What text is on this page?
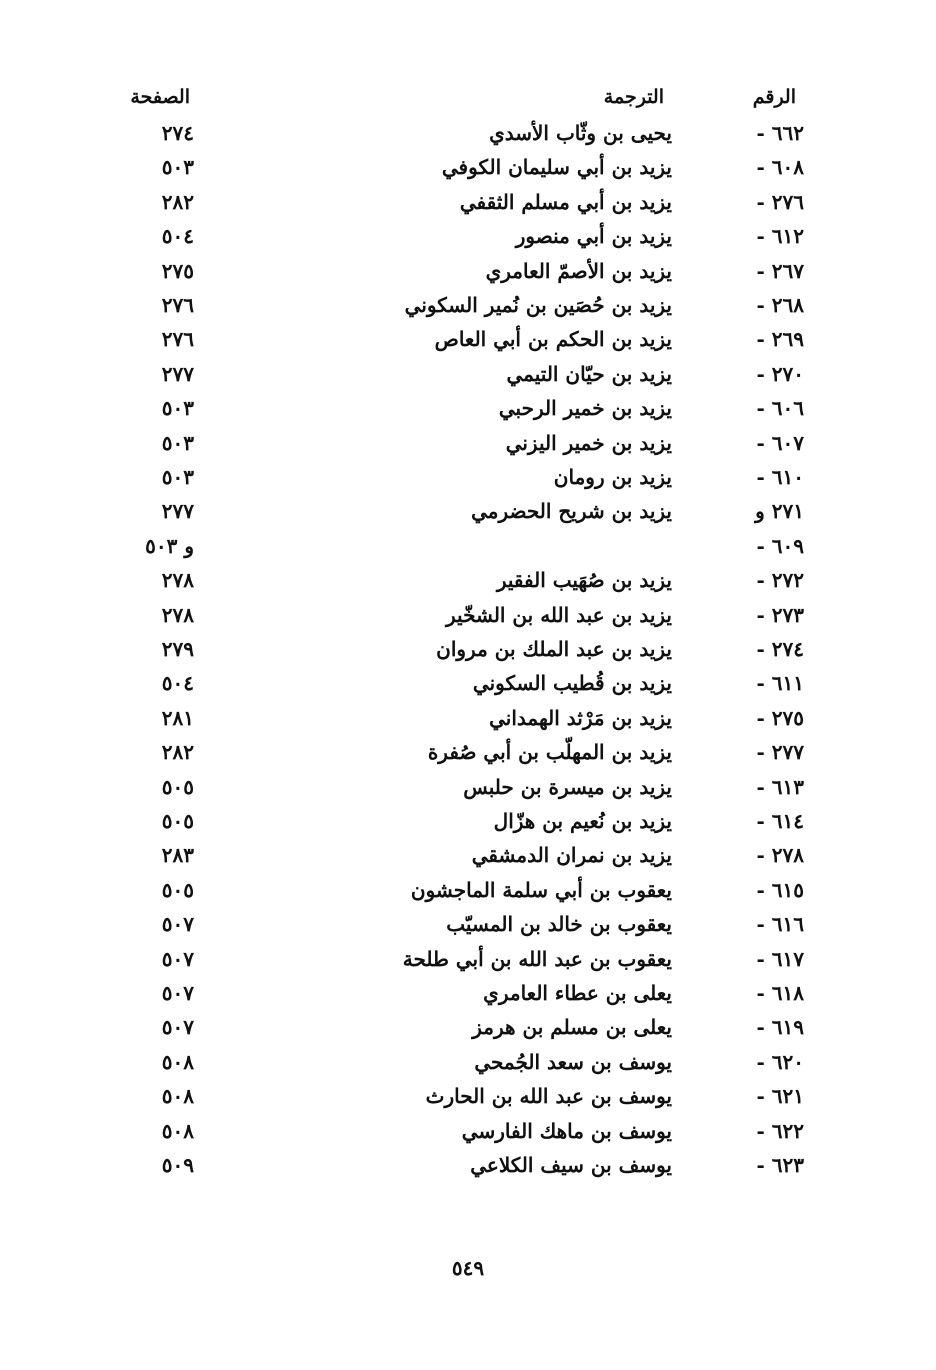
الرقم
الترجمة
الصفحة
٦٦٢ -
يحيى بن وثّاب الأسدي
٢٧٤
٦٠٨ -
يزيد بن أبي سليمان الكوفي
٥٠٣
٢٧٦ -
يزيد بن أبي مسلم الثقفي
٢٨٢
٦١٢ -
يزيد بن أبي منصور
٥٠٤
٢٦٧ -
يزيد بن الأصمّ العامري
٢٧٥
٢٦٨ -
يزيد بن حُصَين بن نُمير السكوني
٢٧٦
٢٦٩ -
يزيد بن الحكم بن أبي العاص
٢٧٦
٢٧٠ -
يزيد بن حيّان التيمي
٢٧٧
٦٠٦ -
يزيد بن خمير الرحبي
٥٠٣
٦٠٧ -
يزيد بن خمير اليزني
٥٠٣
٦١٠ -
يزيد بن رومان
٥٠٣
٢٧١ و
يزيد بن شريح الحضرمي
٢٧٧
٦٠٩ -
و ٥٠٣
٢٧٢ -
يزيد بن صُهَيب الفقير
٢٧٨
٢٧٣ -
يزيد بن عبد الله بن الشخّير
٢٧٨
٢٧٤ -
يزيد بن عبد الملك بن مروان
٢٧٩
٦١١ -
يزيد بن قُطيب السكوني
٥٠٤
٢٧٥ -
يزيد بن مَرْثد الهمداني
٢٨١
٢٧٧ -
يزيد بن المهلّب بن أبي صُفرة
٢٨٢
٦١٣ -
يزيد بن ميسرة بن حلبس
٥٠٥
٦١٤ -
يزيد بن نُعيم بن هزّال
٥٠٥
٢٧٨ -
يزيد بن نمران الدمشقي
٢٨٣
٦١٥ -
يعقوب بن أبي سلمة الماجشون
٥٠٥
٦١٦ -
يعقوب بن خالد بن المسيّب
٥٠٧
٦١٧ -
يعقوب بن عبد الله بن أبي طلحة
٥٠٧
٦١٨ -
يعلى بن عطاء العامري
٥٠٧
٦١٩ -
يعلى بن مسلم بن هرمز
٥٠٧
٦٢٠ -
يوسف بن سعد الجُمحي
٥٠٨
٦٢١ -
يوسف بن عبد الله بن الحارث
٥٠٨
٦٢٢ -
يوسف بن ماهك الفارسي
٥٠٨
٦٢٣ -
يوسف بن سيف الكلاعي
٥٠٩
٥٤٩
